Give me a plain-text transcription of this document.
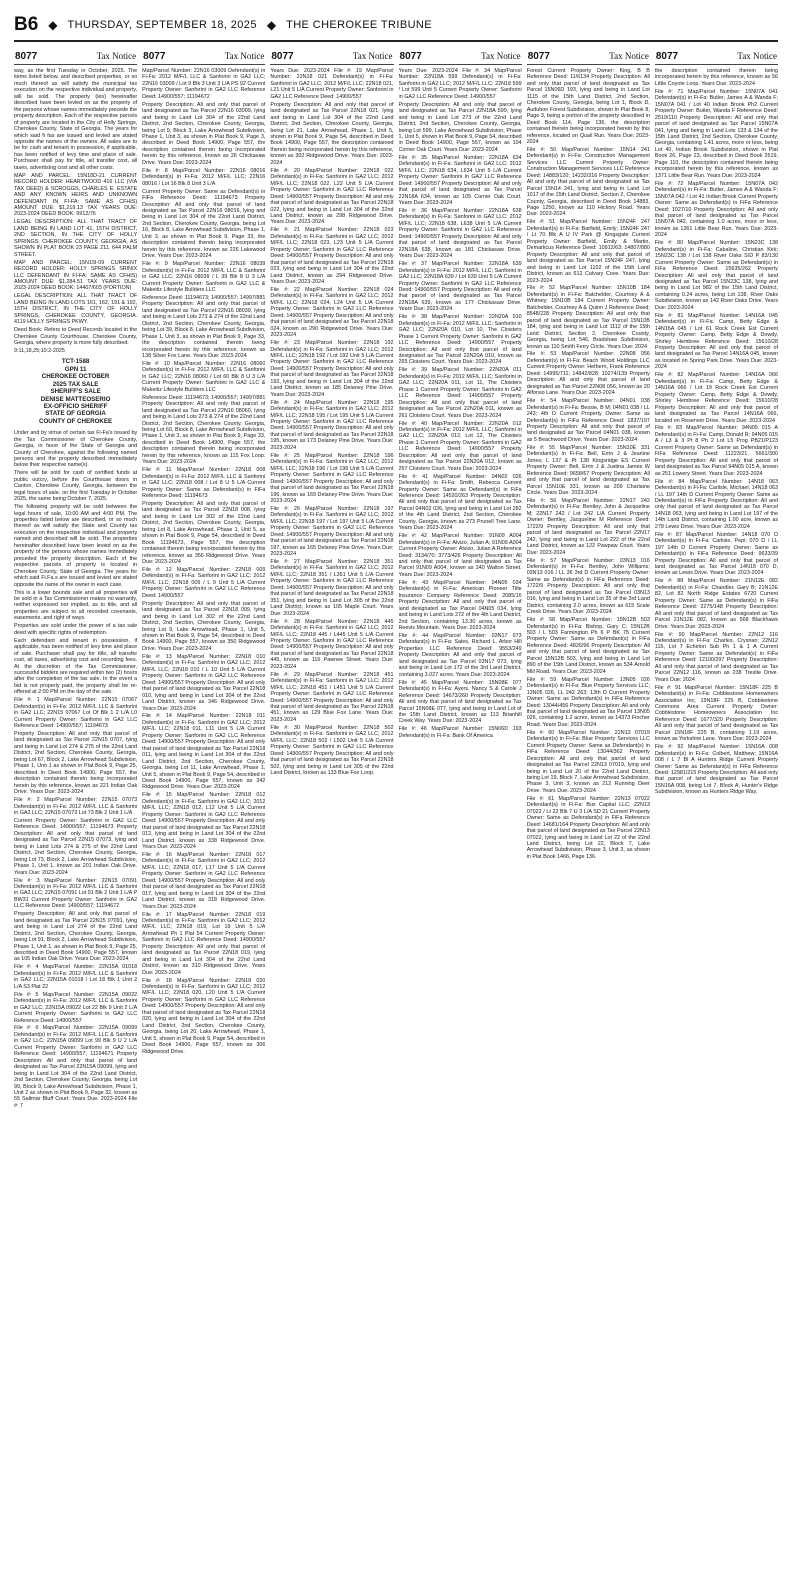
B6 ◆ THURSDAY, SEPTEMBER 18, 2025 ◆ THE CHEROKEE TRIBUNE
8077	Tax Notice

way, as the first Tuesday in October, 2025. The items listed below, and described properties, or so much thereof as will satisfy the municipal tax execution on the respective individual and property, will be sold. The property (ies) hereinafter described have been levied on as the property of the persons whose names immediately precede the property description. Each of the respective parcels of property are located in the City of Holly Springs, Cherokee County, State of Georgia. The years for which said fi fas are issued and levied are stated opposite the names of the owners. All sales are to be for cash and tenant in possession, if applicable, has been notified of levy time and place of sale. Purchaser shall pay for title, all transfer cost, all taxes, advertising cost and all other costs.

MAP AND PARCEL: 15N18D-21 CURRENT RECORD HOLDER: HEARTWOOD 416 LLC (VIA TAX DEED) & SCROGGS, CHARLES E. ESTATE AND ANY KNOWN HEIRS AND UNKNOWN DEFENDANT IN FI-FA: SAME AS CFHIS) AMOUNT DUE: $1,219.13 TAX YEARS DUE: 2023-2024 DEED BOOK: 9912/76

LEGAL DESCRIPTION: ALL THAT TRACT OF LAND BEING IN LAND LOT 41, 15TH DISTRICT, 2ND SECTION, IN THE CITY OF HOLLY SPRINGS, CHEROKEE COUNTY, GEORGIA, AS SHOWN IN PLAT BOOK 23 PAGE 211. 644 PALM STREET.

MAP AND PARCEL: 15N15I-09 CURRENT RECORD HOLDER: HOLLY SPRINGS SRINIX LLC DEFENDANT IN FI-FA: SAME AS CFHIS) AMOUNT DUE: $1,284.51 TAX YEARS DUE: 2023-2024 DEED BOOK: 14407/603 (PORTION)

LEGAL DESCRIPTION: ALL THAT TRACT OF LAND BEING IN LAND LOTS 161, 162, 191 & 192, 15TH DISTRICT, IN THE CITY OF HOLLY SPRINGS, CHEROKEE COUNTY, GEORGIA. 4119 HOLLY SPRINGS PKWY.

Deed Book: Refers to Deed Records located in the Cherokee County Courthouse, Cherokee County, Georgia, where property is more fully described.

9:11,18,25;10:2-2025

TCT-1588
GPN 11
CHEROKEE OCTOBER
2025 TAX SALE
SHERIFF'S SALE
DENISE MATTEOSERIO
EX-OFFICIO SHERIFF
STATE OF GEORGIA
COUNTY OF CHEROKEE

Under and by virtue of certain tax Fi-Fa's issued by the Tax Commissioner of Cherokee County, Georgia, in favor of the State of Georgia and County of Cherokee, against the following named persons and the property described immediately below their respective name(s).

There will be sold for cash of certified funds at public outcry, before the Courthouse doors in Canton, Cherokee County, Georgia, between the legal hours of sale, on the first Tuesday in October 2025, the same being October 7, 2025.

The following property will be sold between the legal hours of sale, 10:00 AM and 4:00 PM. The properties listed below are described, or so much thereof as will satisfy the State and County tax execution on the respective individual and property named and described will be sold. The properties hereinafter described have been levied on as the property of the persons whose names immediately preceded the property description. Each of the respective parcels of property is located in Cherokee County, State of Georgia. The years for which said Fi.Fa.s are issued and levied are stated opposite the name of the owner in each case.

This is a lower bounds sale and all properties will be sold in a Tax Commissioner makes no warranty, neither expressed nor implied, as to title, and all properties are subject to all recorded covenants, easements, and right of ways.

Properties are sold under the power of a tax sale deed with specific rights of redemption.

Each defendant and tenant in possession, if applicable, has been notified of levy time and place of sale. Purchaser shall pay for title, all transfer cost, all taxes, advertising cost and recording fees. At the discretion of the Tax Commissioner, successful bidders are required within two (2) hours after the completion of the tax sale. In the event a bid is not properly paid, the property shall be re-offered at 2:00 PM on the day of the sale.

File #: 1 Map/Parcel Number: 22N15 07067 Defendant(s) in Fi-Fa: 2012 M/F/L LLC & Sanforini in GA2 LLC; 22N15 07067 Lot Of Blk 1 2 L/A L0 Current Property Owner: Sanforini in GA2 LLC Reference Deed: 14900/557; 11194673

Property Description: All and only that parcel of land designated as Tax Parcel 22N15 0707, lying and being in Land Lot 274 & 275 of the 22nd Land District, 2nd Section, Cherokee County, Georgia, being Lot 67, Block 2, Lake Arrowhead Subdivision, Phase 1, Unit 1 as shown in Plat Book 9, Page 25, described in Deed Book 14900, Page 557, the description contained therein being incorporated herein by this reference, known as 221 Indian Oak Drive. Years Due: 2023-2024

File #: 2 Map/Parcel Number: 22N15 07073 Defendant(s) in Fi-Fa: 2012 M/F/L LLC & Sanforini in GA2 LLC; 22N15 07073 Lot 73 Blk 2 Unit 1 L/A

Current Property Owner: Sanforini in GA2 LLC Reference Deed: 14900/557; 11194673 Property Description: All and only that parcel of land designated as Tax Parcel 22N15 07073, lying and being in Land Lots 274 & 275 of the 22nd Land District, 2nd Section, Cherokee County, Georgia, being Lot 73, Block 2, Lake Arrowhead Subdivision, Phase 1, Unit 1, known as 201 Indian Oak Drive. Years Due: 2023-2024

File #: 3 Map/Parcel Number: 22N15 07091 Defendant(s) in Fi-Fa: 2012 M/F/L LLC & Sanforini in GA2 LLC; 22N15 07091 Lot 91 Blk 2 Unit 1 L/A P BW31 Current Property Owner: Sanforini in GA2 LLC Reference Deed: 14900/557; 11194672

Property Description: All and only that parcel of land designated as Tax Parcel 22N15 07091, lying and being in Land Lot 274 of the 22nd Land District, 2nd Section, Cherokee County, Georgia, being Lot 91, Block 2, Lake Arrowhead Subdivision, Phase 1, Unit 1, as shown in Plat Book 9, Page 25, described in Deed Book 14900, Page 557, known as 105 Indian Oak Drive. Years Due: 2023-2024

File #: 4 Map/Parcel Number: 22N15A 01018 Defendant(s) in Fi-Fa: 2012 M/F/L LLC & Sanforini in GA2 LLC; 22N15A 01018 / Lot 18 Blk 1 Unit 2 L/A S3 Plat 22

File #: 5 Map/Parcel Number: 22N15A 09022 Defendant(s) in Fi-Fa: 2012 M/F/L LLC & Sanforini in GA2 LLC; 22N15A 09022 Lot 22 Blk 9 Unit 2 L/A Current Property Owner: Sanforini in GA2 LLC Reference Deed: 14900/557

File #: 6 Map/Parcel Number: 22N15A 09099 Defendant(s) in Fi-Fa: 2012 M/F/L LLC & Sanforini in GA2 LLC; 22N15A 09099 Lot 99 Blk 9 U 2 L/A Current Property Owner: Sanforini in GA2 LLC Reference Deed: 14900/557; 11194671 Property Description: All and only that parcel of land designated as Tax Parcel 22N15A 09099, lying and being in Land Lot 304 of the 22nd Land District, 2nd Section, Cherokee County, Georgia, being Lot 99, Block 9, Lake Arrowhead Subdivision, Phase 1, Unit 2 as shown in Plat Book 9, Page 32, known as 55 Saltmar Bluff Court. Years Due: 2023-2024 File #: 7

8077	Tax Notice

Map/Parcel Number: 22N16 03009 Defendant(s) in Fi-Fa: 2012 M/F/L LLC & Sanforini in GA2 LLC; 22N16 03009 / Lot 9 Blk 3 Unit 3 L/A PS 92 Current Property Owner: Sanforini in GA2 LLC Reference Deed: 14900/557; 11194672

Property Description: All and only that parcel of land designated as Tax Parcel 22N16 03009, lying and being in Land Lot 304 of the 22nd Land District, 2nd Section, Cherokee County, Georgia, being Lot 9, Block 3, Lake Arrowhead Subdivision, Phase 1, Unit 3, as shown in Plat Book 9, Page 3, described in Deed Book 14900, Page 557, the description contained therein being incorporated herein by this reference, known as 26 Chickasaw Drive. Years Due: 2023-2024

File #: 8 Map/Parcel Number: 22N16 08016 Defendant(s) in Fi-Fa: 2012 M/F/L LLC; 22N16 08016 / Lot 16 Blk 8 Unit 3 L/A

Current Property Owner: Same as Defendant(s) in FiFa Reference Deed: 11194673 Property Description: All and only that parcel of land designated as Tax Parcel 22N16 08016, lying and being in Land Lot 304 of the 22nd Land District, 2nd Section, Cherokee County, Georgia, being Lot 16, Block 8, Lake Arrowhead Subdivision, Phase 1, Unit 3, as shown in Plat Book 9, Page 33, the description contained therein being incorporated herein by this reference, known as 226 Lakewood Drive. Years Due: 2023-2024

File #: 9 Map/Parcel Number: 22N16 08039 Defendant(s) in Fi-Fa: 2012 M/F/L LLC & Sanforini in GA2 LLC; 22N16 08039 / L 39 Blk 8 U 3 L/A Current Property Owner: Sanforini in GA2 LLC & Makeitiz Lifestyle Builders LLC

Reference Deed: 11194673; 14900/557; 14997/881 Property Description: All and only that parcel of land designated as Tax Parcel 22N16 08039, lying and being in Land Lots 273 & 274 of the 22nd Land District, 2nd Section, Cherokee County, Georgia, being Lot 39, Block 8, Lake Arrowhead Subdivision, Phase 1, Unit 3, as shown in Plat Book 9, Page 33, the description contained therein being incorporated herein by this reference, known as 138 Silver Fox Lane. Years Due: 2023-2024

File #: 10 Map/Parcel Number: 22N16 08060 Defendant(s) in Fi-Fa: 2012 M/F/L LLC & Sanforini in GA2 LLC; 22N16 08060 / Lot 60 Blk 8 U 3 L/A Current Property Owner: Sanforini in GA2 LLC & Makeitiz Lifestyle Builders LLC

Reference Deed: 11194673; 14900/557; 14997/881 Property Description: All and only that parcel of land designated as Tax Parcel 22N16 08060, lying and being in Land Lots 273 & 274 of the 22nd Land District, 2nd Section, Cherokee County, Georgia, being Lot 60, Block 8, Lake Arrowhead Subdivision, Phase 1, Unit 3, as shown in Plat Book 9, Page 33, described in Deed Book 14900, Page 557, the description contained therein being incorporated herein by this reference, known as 115 Fox Loop. Years Due: 2023-2024

File #: 11 Map/Parcel Number: 22N18 008 Defendant(s) in Fi-Fa: 2012 M/F/L LLC & Sanforini in GA2 LLC; 22N18 008 / Lot 8 U 5 L/A Current Property Owner: Same as Defendant(s) in FiFa Reference Deed: 11194673

Property Description: All and only that parcel of land designated as Tax Parcel 22N18 008, lying and being in Land Lot 302 of the 22nd Land District, 2nd Section, Cherokee County, Georgia, being Lot 8, Lake Arrowhead, Phase 1, Unit 5, as shown in Plat Book 9, Page 54, described in Deed Book 11194673, Page 557, the description contained therein being incorporated herein by this reference, known as 356 Ridgewood Drive. Years Due: 2023-2024

File #: 12 Map/Parcel Number: 22N18 009 Defendant(s) in Fi-Fa: Sanforini in GA2 LLC; 2012 M/F/L LLC; 22N18 009 / L 9 Unit 5 L/A Current Property Owner: Sanforini in GA2 LLC Reference Deed: 14900/557

Property Description: All and only that parcel of land designated as Tax Parcel 22N18 009, lying and being in Land Lot 302 of the 22nd Land District, 2nd Section, Cherokee County, Georgia, being Lot 9, Lake Arrowhead, Phase 1, Unit 5, shown in Plat Book 9, Page 54, described in Deed Book 14900, Page 557, known as 350 Ridgewood Drive. Years Due: 2023-2024

File #: 13 Map/Parcel Number: 22N18 010 Defendant(s) in Fi-Fa: Sanforini in GA2 LLC; 2012 M/F/L LLC; 22N18 010 / L 10 Unit 5 L/A Current Property Owner: Sanforini in GA2 LLC Reference Deed: 14900/557 Property Description: All and only that parcel of land designated as Tax Parcel 22N18 010, lying and being in Land Lot 304 of the 22nd Land District, known as 346 Ridgewood Drive. Years Due: 2023-2024

File #: 14 Map/Parcel Number: 22N18 011 Defendant(s) in Fi-Fa: Sanforini in GA2 LLC; 2012 M/F/L LLC; 22N18 011, L11 Unit 5 L/A Current Property Owner: Sanforini in GA2 LLC Reference Deed: 14900/557 Property Description: All and only that parcel of land designated as Tax Parcel 22N18 011, lying and being in Land Lot 304 of the 22nd Land District, 2nd Section, Cherokee County, Georgia, being Lot 11, Lake Arrowhead, Phase 1, Unit 5, shown in Plat Book 9, Page 54, described in Deed Book 14900, Page 557, known as 342 Ridgewood Drive. Years Due: 2023-2024

File #: 15 Map/Parcel Number: 22N18 012 Defendant(s) in Fi-Fa: Sanforini in GA2 LLC; 2012 M/F/L LLC; 22N18 012, L12 Unit 5 L/A Current Property Owner: Sanforini in GA2 LLC Reference Deed: 14900/557 Property Description: All and only that parcel of land designated as Tax Parcel 22N18 012, lying and being in Land Lot 304 of the 22nd Land District, known as 338 Ridgewood Drive. Years Due: 2023-2024

File #: 16 Map/Parcel Number: 22N18 017 Defendant(s) in Fi-Fa: Sanforini in GA2 LLC; 2012 M/F/L LLC; 22N18 017, L17 Unit 5 L/A Current Property Owner: Sanforini in GA2 LLC Reference Deed: 14900/557 Property Description: All and only that parcel of land designated as Tax Parcel 22N18 017, lying and being in Land Lot 304 of the 22nd Land District, known as 318 Ridgewood Drive. Years Due: 2023-2024

File #: 17 Map/Parcel Number: 22N18 019 Defendant(s) in Fi-Fa: Sanforini in GA2 LLC; 2012 M/F/L LLC; 22N18 019, Lot 19 Unit 5 L/A Arrowhead Ph 1 Plat 54 Current Property Owner: Sanforini in GA2 LLC Reference Deed: 14900/557 Property Description: All and only that parcel of land designated as Tax Parcel 22N18 019, lying and being in Land Lot 304 of the 22nd Land District, known as 310 Ridgewood Drive. Years Due: 2023-2024

File #: 18 Map/Parcel Number: 22N18 020 Defendant(s) in Fi-Fa: Sanforini in GA2 LLC; 2012 M/F/L LLC; 22N18 020, L20 Unit 5 L/A Current Property Owner: Sanforini in GA2 LLC Reference Deed: 14900/557 Property Description: All and only that parcel of land designated as Tax Parcel 22N18 020, lying and being in Land Lot 304 of the 22nd Land District, 2nd Section, Cherokee County, Georgia, being Lot 20, Lake Arrowhead, Phase 1, Unit 5, shown in Plat Book 9, Page 54, described in Deed Book 14900, Page 557, known as 306 Ridgewood Drive.

8077	Tax Notice

Years Due: 2023-2024 File #: 19 Map/Parcel Number: 22N18 021 Defendant(s) in Fi-Fa: Sanforini in GA2 LLC; 2012 M/F/L LLC; 22N18 021, L21 Unit 5 L/A Current Property Owner: Sanforini in GA2 LLC Reference Deed: 14900/557

Property Description: All and only that parcel of land designated as Tax Parcel 22N18 021, lying and being in Land Lot 304 of the 22nd Land District, 2nd Section, Cherokee County, Georgia, being Lot 21, Lake Arrowhead, Phase 1, Unit 5, shown in Plat Book 9, Page 54, described in Deed Book 14900, Page 557, the description contained therein being incorporated herein by this reference, known as 302 Ridgewood Drive. Years Due: 2023-2024

File #: 20 Map/Parcel Number: 22N18 022 Defendant(s) in Fi-Fa: Sanforini in GA2 LLC; 2012 M/F/L LLC; 22N18 022, L22 Unit 5 L/A Current Property Owner: Sanforini in GA2 LLC Reference Deed: 14900/557 Property Description: All and only that parcel of land designated as Tax Parcel 22N18 022, lying and being in Land Lot 304 of the 22nd Land District, known as 298 Ridgewood Drive. Years Due: 2023-2024

File #: 21 Map/Parcel Number: 22N18 023 Defendant(s) in Fi-Fa: Sanforini in GA2 LLC; 2012 M/F/L LLC; 22N18 023, L23 Unit 5 L/A Current Property Owner: Sanforini in GA2 LLC Reference Deed: 14900/557 Property Description: All and only that parcel of land designated as Tax Parcel 22N18 023, lying and being in Land Lot 304 of the 22nd Land District, known as 294 Ridgewood Drive. Years Due: 2023-2024

File #: 22 Map/Parcel Number: 22N18 024 Defendant(s) in Fi-Fa: Sanforini in GA2 LLC; 2012 M/F/L LLC; 22N18 024, L24 Unit 5 L/A Current Property Owner: Sanforini in GA2 LLC Reference Deed: 14900/557 Property Description: All and only that parcel of land designated as Tax Parcel 22N18 024, known as 290 Ridgewood Drive. Years Due: 2023-2024

File #: 23 Map/Parcel Number: 22N18 192 Defendant(s) in Fi-Fa: Sanforini in GA2 LLC; 2012 M/F/L LLC; 22N18 192 / Lot 192 Unit 5 L/A Current Property Owner: Sanforini in GA2 LLC Reference Deed: 14900/557 Property Description: All and only that parcel of land designated as Tax Parcel 22N18 192, lying and being in Land Lot 304 of the 22nd Land District, known as 185 Delaney Pine Drive. Years Due: 2023-2024

File #: 24 Map/Parcel Number: 22N18 195 Defendant(s) in Fi-Fa: Sanforini in GA2 LLC; 2012 M/F/L LLC; 22N18 195 / Lot 195 Unit 5 L/A Current Property Owner: Sanforini in GA2 LLC Reference Deed: 14900/557 Property Description: All and only that parcel of land designated as Tax Parcel 22N18 195, known as 173 Delaney Pine Drive. Years Due: 2023-2024

File #: 25 Map/Parcel Number: 22N18 196 Defendant(s) in Fi-Fa: Sanforini in GA2 LLC; 2012 M/F/L LLC; 22N18 196 / Lot 196 Unit 5 L/A Current Property Owner: Sanforini in GA2 LLC Reference Deed: 14900/557 Property Description: All and only that parcel of land designated as Tax Parcel 22N18 196, known as 169 Delaney Pine Drive. Years Due: 2023-2024

File #: 26 Map/Parcel Number: 22N18 197 Defendant(s) in Fi-Fa: Sanforini in GA2 LLC; 2012 M/F/L LLC; 22N18 197 / Lot 197 Unit 5 L/A Current Property Owner: Sanforini in GA2 LLC Reference Deed: 14900/557 Property Description: All and only that parcel of land designated as Tax Parcel 22N18 197, known as 165 Delaney Pine Drive. Years Due: 2023-2024

File #: 27 Map/Parcel Number: 22N18 351 Defendant(s) in Fi-Fa: Sanforini in GA2 LLC; 2012 M/F/L LLC; 22N18 351 / L351 Unit 5 L/A Current Property Owner: Sanforini in GA2 LLC Reference Deed: 14900/557 Property Description: All and only that parcel of land designated as Tax Parcel 22N18 351, lying and being in Land Lot 305 of the 22nd Land District, known as 105 Maple Court. Years Due: 2023-2024

File #: 28 Map/Parcel Number: 22N18 445 Defendant(s) in Fi-Fa: Sanforini in GA2 LLC; 2012 M/F/L LLC; 22N18 445 / L445 Unit 5 L/A Current Property Owner: Sanforini in GA2 LLC Reference Deed: 14900/557 Property Description: All and only that parcel of land designated as Tax Parcel 22N18 445, known as 116 Pawnee Street. Years Due: 2023-2024

File #: 29 Map/Parcel Number: 22N18 451 Defendant(s) in Fi-Fa: Sanforini in GA2 LLC; 2012 M/F/L LLC; 22N18 451 / L451 Unit 5 L/A Current Property Owner: Sanforini in GA2 LLC Reference Deed: 14900/557 Property Description: All and only that parcel of land designated as Tax Parcel 22N18 451, known as 129 Blue Fox Lane. Years Due: 2023-2024

File #: 30 Map/Parcel Number: 22N18 502 Defendant(s) in Fi-Fa: Sanforini in GA2 LLC; 2012 M/F/L LLC; 22N18 502 / L502 Unit 5 L/A Current Property Owner: Sanforini in GA2 LLC Reference Deed: 14900/557 Property Description: All and only that parcel of land designated as Tax Parcel 22N18 502, lying and being in Land Lot 305 of the 22nd Land District, known as 133 Blue Fox Loop.

8077	Tax Notice

Years Due: 2023-2024 File #: 34 Map/Parcel Number: 22N18A 599 Defendant(s) in Fi-Fa: Sanforini in GA2 LLC; 2012 M/F/L LLC; 22N18 599 / Lot 599 Unit 5 Current Property Owner: Sanforini in GA2 LLC Reference Deed: 14900/557

Property Description: All and only that parcel of land designated as Tax Parcel 22N18A 599, lying and being in Land Lot 273 of the 22nd Land District, 2nd Section, Cherokee County, Georgia, being Lot 599, Lake Arrowhead Subdivision, Phase 1, Unit 5, shown in Plat Book 9, Page 54, described in Deed Book 14900, Page 557, known as 104 Corner Oak Court. Years Due: 2023-2024

File #: 35 Map/Parcel Number: 22N18A 634 Defendant(s) in Fi-Fa: Sanforini in GA2 LLC; 2012 M/F/L LLC; 22N18 634, L634 Unit 5 L/A Current Property Owner: Sanforini in GA2 LLC Reference Deed: 14900/557 Property Description: All and only that parcel of land designated as Tax Parcel 22N18A 634, known as 105 Corner Oak Court. Years Due: 2023-2024

File #: 36 Map/Parcel Number: 22N18A 638 Defendant(s) in Fi-Fa: Sanforini in GA2 LLC; 2012 M/F/L LLC; 22N18 638, L638 Unit 5 L/A Current Property Owner: Sanforini in GA2 LLC Reference Deed: 14900/557 Property Description: All and only that parcel of land designated as Tax Parcel 22N18A 638, known as 181 Chickasaw Drive. Years Due: 2023-2024

File #: 37 Map/Parcel Number: 22N18A 639 Defendant(s) in Fi-Fa: 2012 M/F/L LLC; Sanforini in GA2 LLC; 22N18A 639 / Lot 639 Unit 5 L/A Current Property Owner: Sanforini in GA2 LLC Reference Deed: 14900/557 Property Description: All and only that parcel of land designated as Tax Parcel 22N18A 639, known as 177 Chickasaw Drive. Years Due: 2023-2024

File #: 38 Map/Parcel Number: 22N20A 010 Defendant(s) in Fi-Fa: 2012 M/F/L LLC; Sanforini in GA2 LLC; 22N20A 010, Lot 10, The Cloisters Phase 1 Current Property Owner: Sanforini in GA2 LLC Reference Deed: 14900/557 Property Description: All and only that parcel of land designated as Tax Parcel 22N20A 010, known as 265 Cloisters Court. Years Due: 2023-2024

File #: 39 Map/Parcel Number: 22N20A 011 Defendant(s) in Fi-Fa: 2012 M/F/L LLC; Sanforini in GA2 LLC; 22N20A 011, Lot 11, The Cloisters Phase 1 Current Property Owner: Sanforini in GA2 LLC Reference Deed: 14900/557 Property Description: All and only that parcel of land designated as Tax Parcel 22N20A 011, known as 261 Cloisters Court. Years Due: 2023-2024

File #: 40 Map/Parcel Number: 22N20A 012 Defendant(s) in Fi-Fa: 2012 M/F/L LLC; Sanforini in GA2 LLC; 22N20A 012, Lot 12, The Cloisters Phase 1 Current Property Owner: Sanforini in GA2 LLC Reference Deed: 14900/557 Property Description: All and only that parcel of land designated as Tax Parcel 22N20A 012, known as 257 Cloisters Court. Years Due: 2023-2024

File #: 41 Map/Parcel Number: 04N02 026 Defendant(s) in Fi-Fa: Smith, Rebecca Current Property Owner: Same as Defendant(s) in FiFa Reference Deed: 14520/263 Property Description: All and only that parcel of land designated as Tax Parcel 04N02 026, lying and being in Land Lot 282 of the 4th Land District, 2nd Section, Cherokee County, Georgia, known as 273 Prunell Tree Lane. Years Due: 2023-2024

File #: 42 Map/Parcel Number: 91N09 A004 Defendant(s) in Fi-Fa: Alvizo, Julian A; 91N09 A004 Current Property Owner: Alvizo, Julian A Reference Deed: 3134/70; 3773/426 Property Description: All and only that parcel of land designated as Tax Parcel 91N09 A004, known as 240 Walton Street. Years Due: 2023-2024

File #: 43 Map/Parcel Number: 04N05 034 Defendant(s) in Fi-Fa: American Pioneer Title Insurance Company Reference Deed: 2085/16 Property Description: All and only that parcel of land designated as Tax Parcel 04N05 034, lying and being in Land Lots 272 of the 4th Land District, 2nd Section, containing 13.30 acres, known as Reevis Mountain. Years Due: 2023-2024

File #: 44 Map/Parcel Number: 03N17 073 Defendant(s) in Fi-Fa: Sales, Richard L. Arbor Hill Properties LLC Reference Deed: 9553/249 Property Description: All and only that parcel of land designated as Tax Parcel 03N17 073, lying and being in Land Lot 172 of the 3rd Land District, containing 3.027 acres. Years Due: 2023-2024

File #: 45 Map/Parcel Number: 15N08E 077 Defendant(s) in Fi-Fa: Ayers, Nancy S & Carole J Reference Deed: 14673/260 Property Description: All and only that parcel of land designated as Tax Parcel 15N08E 077, lying and being in Land Lot of the 15th Land District, known as 113 Brianhill Creek Way. Years Due: 2023-2024

File #: 46 Map/Parcel Number: 15N06D 193 Defendant(s) in Fi-Fa: Bank Of America

8077	Tax Notice

Forest Current Property Owner: King, B B Reference Deed: 11/6134 Property Description: All and only that parcel of land designated as Tax Parcel 15N06D 193, lying and being in Land Lot 1115 of the 15th Land District, 2nd Section, Cherokee County, Georgia, being Lot 1, Block D, Audubon Forest Subdivision, shown in Plat Book 8, Page 3, being a portion of the property described in Deed Book 114, Page 136, the description contained therein being incorporated herein by this reference, located on Quail Run. Years Due: 2023-2024

File #: 50 Map/Parcel Number: 15N14 241 Defendant(s) in Fi-Fa: Construction Management Services LLC Current Property Owner: Construction Management Services LLC Reference Deed: 14883/120; 14232/316 Property Description: All and only that parcel of land designated as Tax Parcel 15N14 241, lying and being in Land Lot 1017 of the 15th Land District, Section 2, Cherokee County, Georgia, described in Deed Book 14883, Page 1250, known as 110 Hickory Road. Years Due: 2023-2024

File #: 51 Map/Parcel Number: 15N24F 247 Defendant(s) in Fi-Fa: Barfield, Emily; 15N24F 247 / Lt 70 Blk A U IV Park @ Kingsgate Current Property Owner: Barfield, Emily & Martin, Demarkcus Reference Deed: 10912/63; 14807/880 Property Description: All and only that parcel of land designated as Tax Parcel 15N24F 247, lying and being in Land Lot 1102 of the 15th Land District, known as 612 Calvary Cove. Years Due: 2023-2024

File #: 52 Map/Parcel Number: 15N10B 184 Defendant(s) in Fi-Fa: Batchelder, Courtney A & Whitney; 15N10B 184 Current Property Owner: Batchelder, Courtney A & Quinn J Reference Deed: 8548/228 Property Description: All and only that parcel of land designated as Tax Parcel 15N10B 184, lying and being in Land Lot 1112 of the 15th Land District, Section 2, Cherokee County, Georgia, being Lot 546, Bradshaw Subdivision, known as 110 Smith Ferry Circle. Years Due: 2024

File #: 53 Map/Parcel Number: 22N08 056 Defendant(s) in Fi-Fa: Beach Wood Holdings LLC Current Property Owner: Hethern, Frank Reference Deed: 14995/711; 14842/828; 10274/139 Property Description: All and only that parcel of land designated as Tax Parcel 22N08 056, known as 20 Alfonso Lane. Years Due: 2023-2024

File #: 54 Map/Parcel Number: 04N01 038 Defendant(s) in Fi-Fa: Bessie, B M; 04N01 038 / LL 243; 4th D Current Property Owner: Same as Defendant(s) in FiFa Reference Deed: 1837/197 Property Description: All and only that parcel of land designated as Tax Parcel 04N01 038, known as 5 Beachwood Drive. Years Due: 2023-2024

File #: 55 Map/Parcel Number: 15N10E 331 Defendant(s) in Fi-Fa: Bell, Errin J & Jeanine Jones; L 137 & Pt 138 Kingsridge ES Current Property Owner: Bell, Errin J & Justina James W Reference Deed: 9658/67 Property Description: All and only that parcel of land designated as Tax Parcel 15N10E 331, known as 209 Charlaine Circle. Years Due: 2023-2024

File #: 56 Map/Parcel Number: 22N17 242 Defendant(s) in Fi-Fa: Bentley, John & Jacqueline M; 22N17 242 / Lot 242 L/A Current Property Owner: Bentley, Jacqueline M Reference Deed: 1722/9 Property Description: All and only that parcel of land designated as Tax Parcel 22N17 242, lying and being in Land Lot 222 of the 22nd Land District, known as 122 Pawpaw Court. Years Due: 2023-2024

File #: 57 Map/Parcel Number: 03N13 016 Defendant(s) in Fi-Fa: Bentley, John Williams; 03N13 016 / LL 36 3rd D Current Property Owner: Same as Defendant(s) in FiFa Reference Deed: 1722/9 Property Description: All and only that parcel of land designated as Tax Parcel 03N13 016, lying and being in Land Lot 35 of the 3rd Land District, containing 2.0 acres, known as 615 Scale Creek Drive. Years Due: 2023-2024

File #: 58 Map/Parcel Number: 15N12B 503 Defendant(s) in Fi-Fa: Bishop, Gary C; 15N12B 503 / L 503 Farmington Ph 6 P BK 75 Current Property Owner: Same as Defendant(s) in FiFa Reference Deed: 4826/96 Property Description: All and only that parcel of land designated as Tax Parcel 15N12B 503, lying and being in Land Lot 890 of the 15th Land District, known as 534 Arnold Mill Road. Years Due: 2023-2024

File #: 59 Map/Parcel Number: 13N05 026 Defendant(s) in Fi-Fa: Blue Property Services LLC; 13N05 026, LL 242 263; 13th D Current Property Owner: Same as Defendant(s) in FiFa Reference Deed: 13044/456 Property Description: All and only that parcel of land designated as Tax Parcel 13N05 026, containing 1.2 acres, known as 14373 Fincher Road. Years Due: 2023-2024

File #: 60 Map/Parcel Number: 22N13 07019 Defendant(s) in Fi-Fa: Blue Property Services LLC Current Property Owner: Same as Defendant(s) in FiFa Reference Deed: 13044/362 Property Description: All and only that parcel of land designated as Tax Parcel 22N13 07019, lying and being in Land Lot 20 of the 22nd Land District, being Lot 19, Block 7, Lake Arrowhead Subdivision, Phase 3, Unit 3, known as 212 Running Deer Drive. Years Due: 2023-2024

File #: 61 Map/Parcel Number: 22N13 07022 Defendant(s) in Fi-Fa: Bux Capital LLC; 22N13 07022 / Lt 22 Blk 7 U 3 L/A SD 21 Current Property Owner: Same as Defendant(s) in FiFa Reference Deed: 14681/164 Property Description: All and only that parcel of land designated as Tax Parcel 22N13 07022, lying and being in Land Lot 22 of the 22nd Land District, being Lot 22, Block 7, Lake Arrowhead Subdivision, Phase 3, Unit 3, as shown in Plat Book 1466, Page 136.

8077	Tax Notice

the description contained therein being incorporated herein by this reference, known as 56 Little Coyote Loop. Years Due: 2023-2024

File #: 71 Map/Parcel Number: 15N07A 041 Defendant(s) in Fi-Fa: Butler, James A & Wanda F; 15N07A 041 / Lot 40 Indian Brook Ph2 Current Property Owner: Butler, Wanda F Reference Deed: 2519/110 Property Description: All and only that parcel of land designated as Tax Parcel 15N07A 041, lying and being in Land Lots 133 & 134 of the 15th Land District, 2nd Section, Cherokee County, Georgia, containing 1.41 acres, more or less, being Lot 40, Indian Brook Subdivision, shown in Plat Book 26, Page 23, described in Deed Book 2519, Page 110, the description contained therein being incorporated herein by this reference, known as 1371 Little Bear Run. Years Due: 2023-2024

File #: 72 Map/Parcel Number: 15N07A 042 Defendant(s) in Fi-Fa: Butler, James A & Wanda F; 15N07A 042 / Lot 41 Indian Brook Current Property Owner: Same as Defendant(s) in FiFa Reference Deed: 1027/10 Property Description: All and only that parcel of land designated as Tax Parcel 15N07A 042, containing 1.0 acres, more or less, known as 1361 Little Bear Run. Years Due: 2023-2024

File #: 80 Map/Parcel Number: 15N23C 138 Defendant(s) in Fi-Fa: Cabaline, Christian Kirk; 15N23C 138 / Lot 138 River Oaks S/D P 83/130 Current Property Owner: Same as Defendant(s) in FiFa Reference Deed: 15635/262 Property Description: All and only that parcel of land designated as Tax Parcel 15N23C 138, lying and being in Land Lot 982 of the 15th Land District, containing 0.24 acres, being Lot 138, River Oaks Subdivision, known as 142 River Oaks Drive. Years Due: 2023-2024

File #: 81 Map/Parcel Number: 14N16A 045 Defendant(s) in Fi-Fa: Camp, Betty Edge & 14N16A 045 / Lot 61 Rock Creek Est Current Property Owner: Camp, Betty Edge & Dowdy, Shirley Hembree Reference Deed: 15610/28 Property Description: All and only that parcel of land designated as Tax Parcel 14N16A 045, known as located on Spring Park Drive. Years Due: 2023-2024

File #: 82 Map/Parcel Number: 14N16A 066 Defendant(s) in Fi-Fa: Camp, Betty Edge & 14N16A 066 / Lot 19 Rock Creek Est Current Property Owner: Camp, Betty Edge & Dowdy, Shirley Hembree Reference Deed: 15610/28 Property Description: All and only that parcel of land designated as Tax Parcel 14N16A 066, located on Reservoir Drive. Years Due: 2023-2024

File #: 83 Map/Parcel Number: 94N05 015 A Defendant(s) in Fi-Fa: Camp, Donald R; 94N05 015 A / L3 & 3 Pt 8 Ph 2 Lot L5 Prog PB21/P123 Current Property Owner: Same as Defendant(s) in FiFa Reference Deed: 11223/21; 5661/300 Property Description: All and only that parcel of land designated as Tax Parcel 94N05 015 A, known as 251 Lowery Street. Years Due: 2023-2024

File #: 84 Map/Parcel Number: 14N18 063 Defendant(s) in Fi-Fa: Carlisle, Michael; 14N18 063 / LL 197 14th D Current Property Owner: Same as Defendant(s) in FiFa Property Description: All and only that parcel of land designated as Tax Parcel 14N18 063, lying and being in Land Lot 197 of the 14th Land District, containing 1.00 acre, known as 278 Lewis Drive. Years Due: 2023-2024

File #: 87 Map/Parcel Number: 14N18 070 D Defendant(s) in Fi-Fa: Carlisle, Pepi; 070 D / LL 197 14th D Current Property Owner: Same as Defendant(s) in FiFa Reference Deed: 9633/39 Property Description: All and only that parcel of land designated as Tax Parcel 14N18 070 D, known as Lewis Drive. Years Due: 2023-2024

File #: 88 Map/Parcel Number: 21N12E 082 Defendant(s) in Fi-Fa: Chandler, Gary B; 21N12E 82, Lot 82 North Ridge Estates 6720 Current Property Owner: Same as Defendant(s) in FiFa Reference Deed: 2275/148 Property Description: All and only that parcel of land designated as Tax Parcel 21N12E 082, known as 568 Blackhawk Drive. Years Due: 2023-2024

File #: 90 Map/Parcel Number: 22N12 116 Defendant(s) in Fi-Fa: Charles, Crysnan; 22N12 116, Lot 7 Echelon Sub Ph 1 & 1 A Current Property Owner: Same as Defendant(s) in FiFa Reference Deed: 12100/297 Property Description: All and only that parcel of land designated as Tax Parcel 22N12 116, known as 238 Trestle Drive. Years Due: 2024

File #: 91 Map/Parcel Number: 15N18F 225 B Defendant(s) in Fi-Fa: Cobblestone Homeowners Association Inc; 15N18F 225 B, Cobblestone Commons Area Current Property Owner: Cobblestone Homeowners Association Inc Reference Deed: 1677/320 Property Description: All and only that parcel of land designated as Tax Parcel 15N18F 225 B, containing 1.19 acres, known as Yorkshire Lane. Years Due: 2023-2024

File #: 92 Map/Parcel Number: 15N16A 008 Defendant(s) in Fi-Fa: Colbert, Matthew; 15N16A 008 / L 7 Bl A Hunters Ridge Current Property Owner: Same as Defendant(s) in FiFa Reference Deed: 12981/215 Property Description: All and only that parcel of land designated as Tax Parcel 15N16A 008, being Lot 7, Block A, Hunter's Ridge Subdivision, known as Hunters Ridge Way.
